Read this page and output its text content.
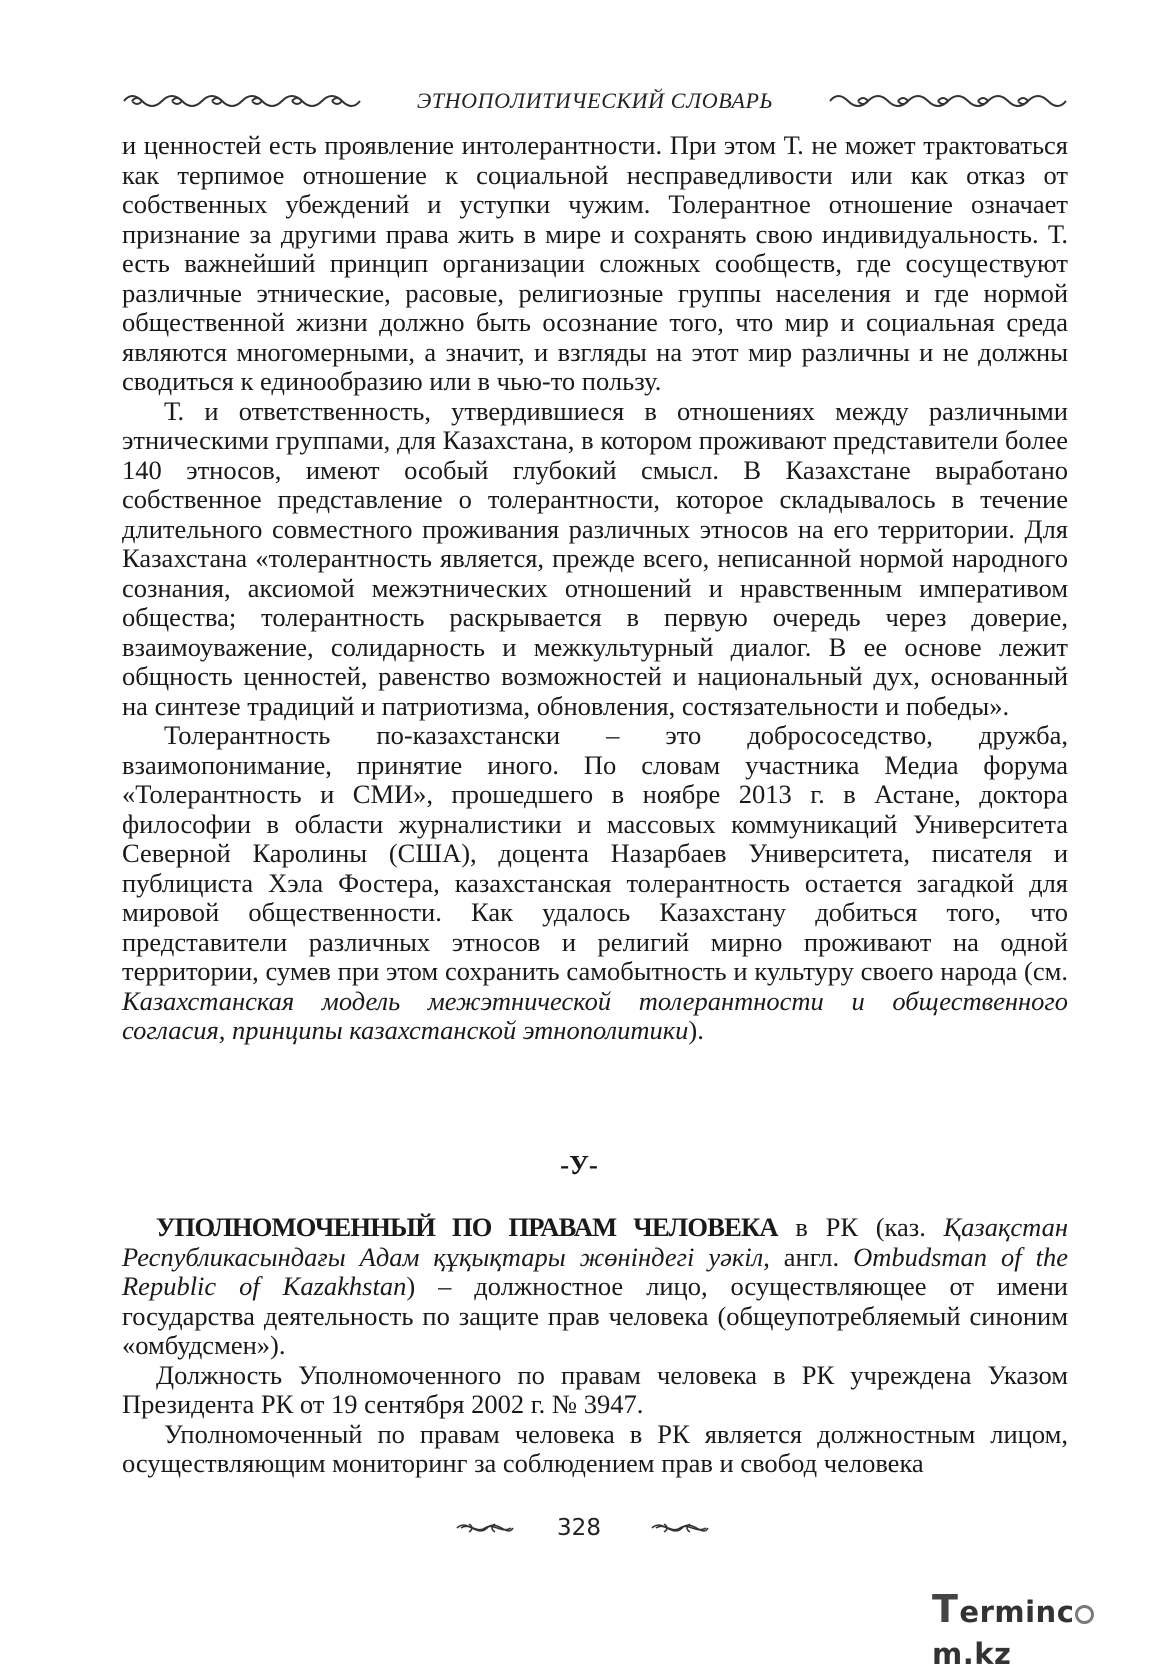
ЭТНОПОЛИТИЧЕСКИЙ СЛОВАРЬ

и ценностей есть проявление интолерантности. При этом Т. не может трактоваться как терпимое отношение к социальной несправедливости или как отказ от собственных убеждений и уступки чужим. Толерантное отношение означает признание за другими права жить в мире и сохранять свою индивидуальность. Т. есть важнейший принцип организации сложных сообществ, где сосуществуют различные этнические, расовые, религиозные группы населения и где нормой общественной жизни должно быть осознание того, что мир и социальная среда являются многомерными, а значит, и взгляды на этот мир различны и не должны сводиться к единообразию или в чью-то пользу.

Т. и ответственность, утвердившиеся в отношениях между различными этническими группами, для Казахстана, в котором проживают представители более 140 этносов, имеют особый глубокий смысл. В Казахстане выработано собственное представление о толерантности, которое складывалось в течение длительного совместного проживания различных этносов на его территории. Для Казахстана «толерантность является, прежде всего, неписанной нормой народного сознания, аксиомой межэтнических отношений и нравственным императивом общества; толерантность раскрывается в первую очередь через доверие, взаимоуважение, солидарность и межкультурный диалог. В ее основе лежит общность ценностей, равенство возможностей и национальный дух, основанный на синтезе традиций и патриотизма, обновления, состязательности и победы».

Толерантность по-казахстански – это добрососедство, дружба, взаимопонимание, принятие иного. По словам участника Медиа форума «Толерантность и СМИ», прошедшего в ноябре 2013 г. в Астане, доктора философии в области журналистики и массовых коммуникаций Университета Северной Каролины (США), доцента Назарбаев Университета, писателя и публициста Хэла Фостера, казахстанская толерантность остается загадкой для мировой общественности. Как удалось Казахстану добиться того, что представители различных этносов и религий мирно проживают на одной территории, сумев при этом сохранить самобытность и культуру своего народа (см. Казахстанская модель межэтнической толерантности и общественного согласия, принципы казахстанской этнополитики).

-У-

УПОЛНОМОЧЕННЫЙ ПО ПРАВАМ ЧЕЛОВЕКА в РК (каз. Қазақстан Республикасындағы Адам құқықтары жөніндегі уәкіл, англ. Ombudsman of the Republic of Kazakhstan) – должностное лицо, осуществляющее от имени государства деятельность по защите прав человека (общеупотребляемый синоним «омбудсмен»).

Должность Уполномоченного по правам человека в РК учреждена Указом Президента РК от 19 сентября 2002 г. № 3947.

Уполномоченный по правам человека в РК является должностным лицом, осуществляющим мониторинг за соблюдением прав и свобод человека

328
Termincm.kz
